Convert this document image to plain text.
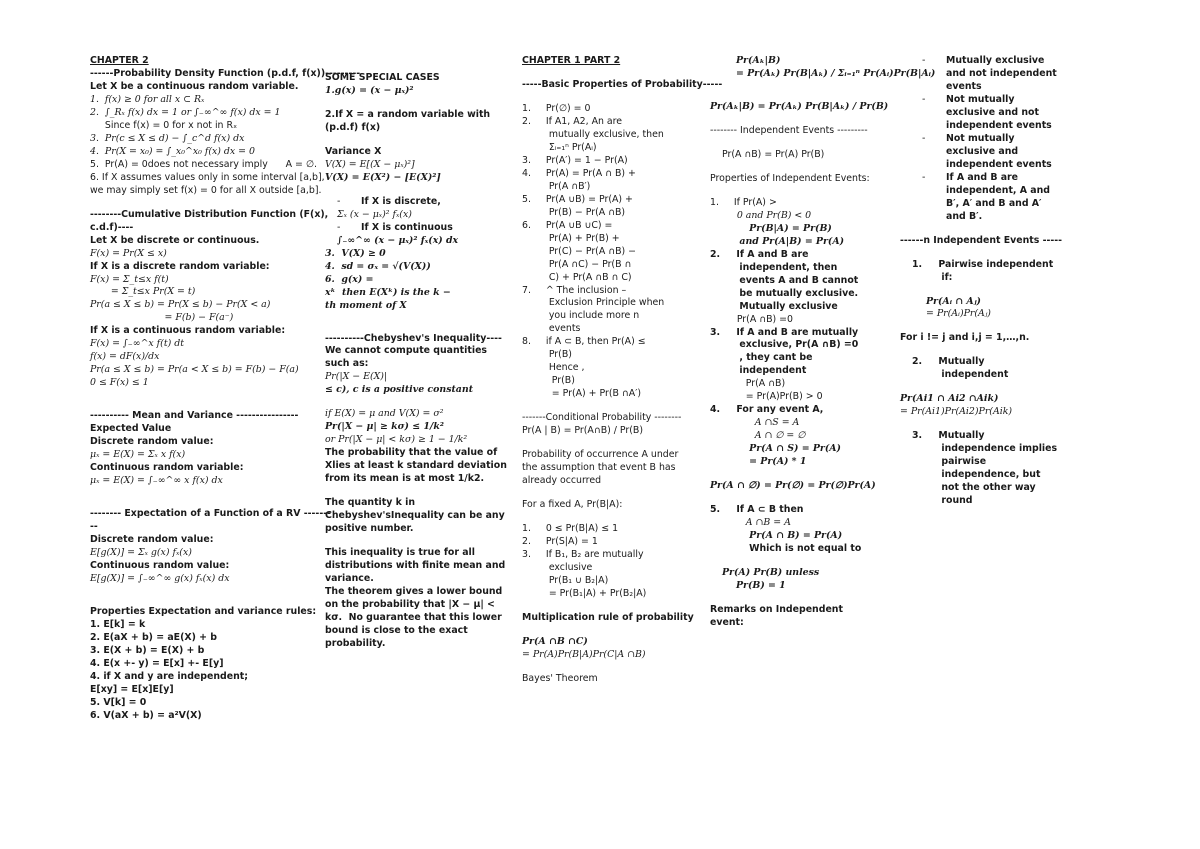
CHAPTER 2

------Probability Density Function (p.d.f, f(x))---------

Let X be a continuous random variable.

1.  f(x) ≥ 0 for all x ⊂ Rₓ

2.  ∫_Rₓ f(x) dx = 1 or ∫₋∞^∞ f(x) dx = 1

Since f(x) = 0 for x not in Rₓ

3.  Pr(c ≤ X ≤ d) − ∫_c^d f(x) dx

4.  Pr(X = x₀) = ∫_x₀^x₀ f(x) dx = 0

5.  Pr(A) = 0does not necessary imply      A = ∅.

6. If X assumes values only in some interval [a,b],

we may simply set f(x) = 0 for all X outside [a,b].

--------Cumulative Distribution Function (F(x),

c.d.f)----

Let X be discrete or continuous.

F(x) = Pr(X ≤ x)

If X is a discrete random variable:

F(x) = Σ_t≤x f(t)

= Σ_t≤x Pr(X = t)

Pr(a ≤ X ≤ b) = Pr(X ≤ b) − Pr(X < a)

= F(b) − F(a⁻)

If X is a continuous random variable:

F(x) = ∫₋∞^x f(t) dt

f(x) = dF(x)/dx

Pr(a ≤ X ≤ b) = Pr(a < X ≤ b) = F(b) − F(a)

0 ≤ F(x) ≤ 1

---------- Mean and Variance ----------------

Expected Value

Discrete random value:

μₓ = E(X) = Σₓ x f(x)

Continuous random variable:

μₓ = E(X) = ∫₋∞^∞ x f(x) dx

-------- Expectation of a Function of a RV -------

--

Discrete random value:

E[g(X)] = Σₓ g(x) fₓ(x)

Continuous random value:

E[g(X)] = ∫₋∞^∞ g(x) fₓ(x) dx

Properties Expectation and variance rules:

1. E[k] = k

2. E(aX + b) = aE(X) + b

3. E(X + b) = E(X) + b

4. E(x +- y) = E[x] +- E[y]

4. if X and y are independent;

E[xy] = E[x]E[y]

5. V[k] = 0

6. V(aX + b) = a²V(X)

SOME SPECIAL CASES

1.g(x) = (x − μₓ)²

2.If X = a random variable with

(p.d.f) f(x)

Variance X

V(X) = E[(X − μₓ)²]

V(X) = E(X²) − [E(X)²]

-	If X is discrete,

Σₓ (x − μₓ)² fₓ(x)

-	If X is continuous

∫₋∞^∞ (x − μₓ)² fₓ(x) dx

3.  V(X) ≥ 0

4.  sd = σₓ = √(V(X))

6.  g(x) =

xᵏ  then E(Xᵏ) is the k −

th moment of X

----------Chebyshev's Inequality----

We cannot compute quantities

such as:

Pr(|X − E(X)|

≤ c), c is a positive constant

if E(X) = μ and V(X) = σ²

Pr(|X − μ| ≥ kσ) ≤ 1/k²

or Pr(|X − μ| < kσ) ≥ 1 − 1/k²

The probability that the value of

Xlies at least k standard deviation

from its mean is at most 1/k2.

The quantity k in

Chebyshev'sInequality can be any

positive number.

This inequality is true for all

distributions with finite mean and

variance.

The theorem gives a lower bound

on the probability that |X − μ| <

kσ.  No guarantee that this lower

bound is close to the exact

probability.

CHAPTER 1 PART 2

-----Basic Properties of Probability-----

1.     Pr(∅) = 0

2.     If A1, A2, An are

mutually exclusive, then

Σᵢ₌₁ⁿ Pr(Aᵢ)

3.     Pr(A′) = 1 − Pr(A)

4.     Pr(A) = Pr(A ∩ B) +

Pr(A ∩B′)

5.     Pr(A ∪B) = Pr(A) +

Pr(B) − Pr(A ∩B)

6.     Pr(A ∪B ∪C) =

Pr(A) + Pr(B) +

Pr(C) − Pr(A ∩B) −

Pr(A ∩C) − Pr(B ∩

C) + Pr(A ∩B ∩ C)

7.     ^ The inclusion –

Exclusion Principle when

you include more n

events

8.     if A ⊂ B, then Pr(A) ≤

Pr(B)

Hence ,

Pr(B)

= Pr(A) + Pr(B ∩A′)

-------Conditional Probability --------

Pr(A | B) = Pr(A∩B) / Pr(B)

Probability of occurrence A under

the assumption that event B has

already occurred

For a fixed A, Pr(B|A):

1.     0 ≤ Pr(B|A) ≤ 1

2.     Pr(S|A) = 1

3.     If B₁, B₂ are mutually

exclusive

Pr(B₁ ∪ B₂|A)

= Pr(B₁|A) + Pr(B₂|A)

Multiplication rule of probability

Pr(A ∩B ∩C)

= Pr(A)Pr(B|A)Pr(C|A ∩B)

Bayes' Theorem

Pr(Aₖ|B)

= Pr(Aₖ) Pr(B|Aₖ) / Σᵢ₌₁ⁿ Pr(Aᵢ)Pr(B|Aᵢ)

Pr(Aₖ|B) = Pr(Aₖ) Pr(B|Aₖ) / Pr(B)

-------- Independent Events ---------

Pr(A ∩B) = Pr(A) Pr(B)

Properties of Independent Events:

1.     If Pr(A) >

0 and Pr(B) < 0

Pr(B|A) = Pr(B)

and Pr(A|B) = Pr(A)

2.     If A and B are

independent, then

events A and B cannot

be mutually exclusive.

Mutually exclusive

Pr(A ∩B) =0

3.     If A and B are mutually

exclusive, Pr(A ∩B) =0

, they cant be

independent

Pr(A ∩B)

= Pr(A)Pr(B) > 0

4.     For any event A,

A ∩S = A

A ∩ ∅ = ∅

Pr(A ∩ S) = Pr(A)

= Pr(A) * 1

Pr(A ∩ ∅) = Pr(∅) = Pr(∅)Pr(A)

5.     If A ⊂ B then

A ∩B = A

Pr(A ∩ B) = Pr(A)

Which is not equal to

Pr(A) Pr(B) unless

Pr(B) = 1

Remarks on Independent

event:

-	Mutually exclusive

and not independent

events

-	Not mutually

exclusive and not

independent events

-	Not mutually

exclusive and

independent events

-	If A and B are

independent, A and

B′, A′ and B and A′

and B′.

------n Independent Events -----

1.     Pairwise independent

if:

Pr(Aᵢ ∩ Aⱼ)

= Pr(Aᵢ)Pr(Aⱼ)

For i != j and i,j = 1,…,n.

2.     Mutually

independent

Pr(Ai1 ∩ Ai2 ∩Aik)

= Pr(Ai1)Pr(Ai2)Pr(Aik)

3.     Mutually

independence implies

pairwise

independence, but

not the other way

round
